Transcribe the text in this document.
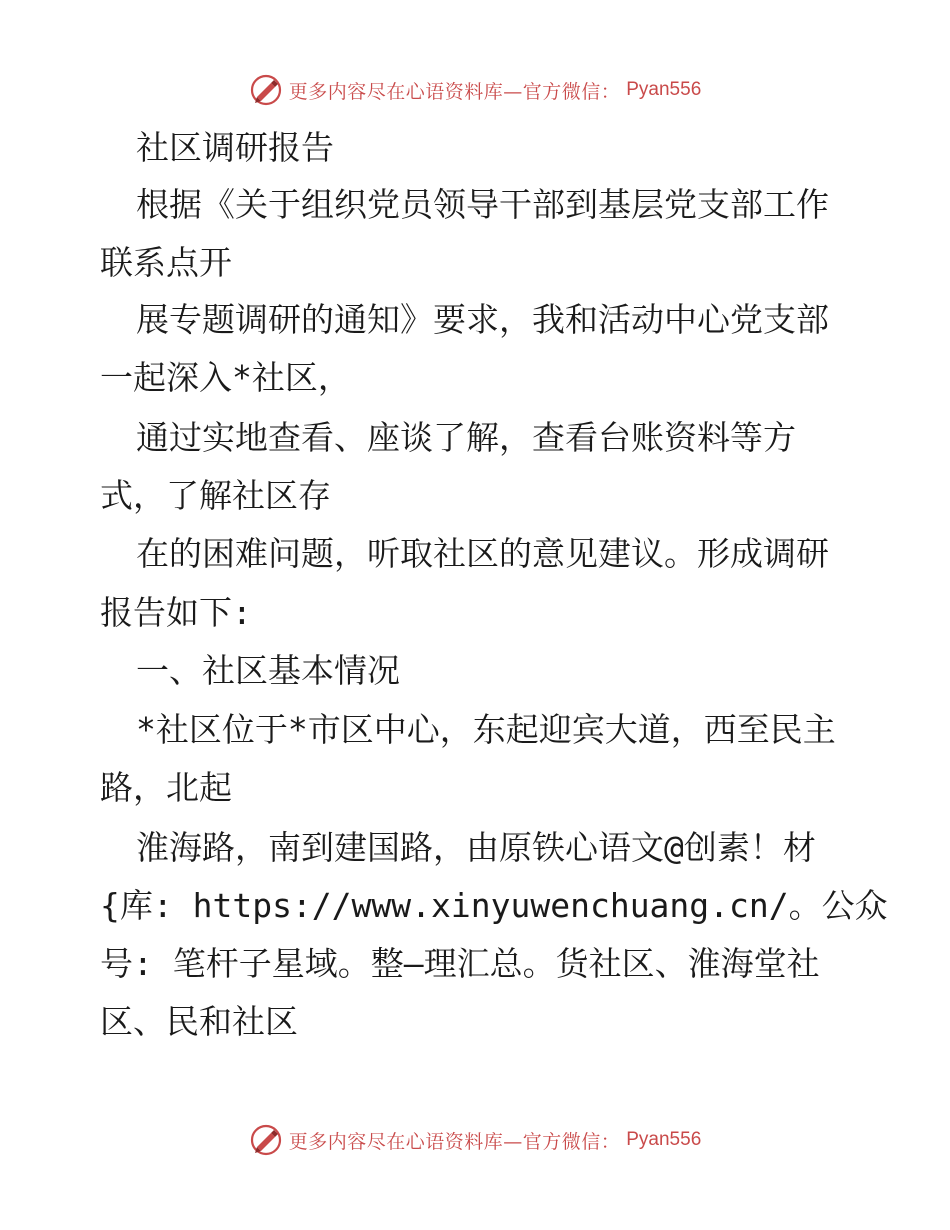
更多内容尽在心语资料库—官方微信： Pyan556
社区调研报告
根据《关于组织党员领导干部到基层党支部工作
联系点开
展专题调研的通知》要求，我和活动中心党支部
一起深入*社区，
通过实地查看、座谈了解，查看台账资料等方
式，了解社区存
在的困难问题，听取社区的意见建议。形成调研
报告如下:
一、社区基本情况
*社区位于*市区中心，东起迎宾大道，西至民主
路，北起
淮海路，南到建国路，由原铁心语文@创素！材
{库: https://www.xinyuwenchuang.cn/。公众
号: 笔杆子星域。整—理汇总。货社区、淮海堂社
区、民和社区
更多内容尽在心语资料库—官方微信： Pyan556
